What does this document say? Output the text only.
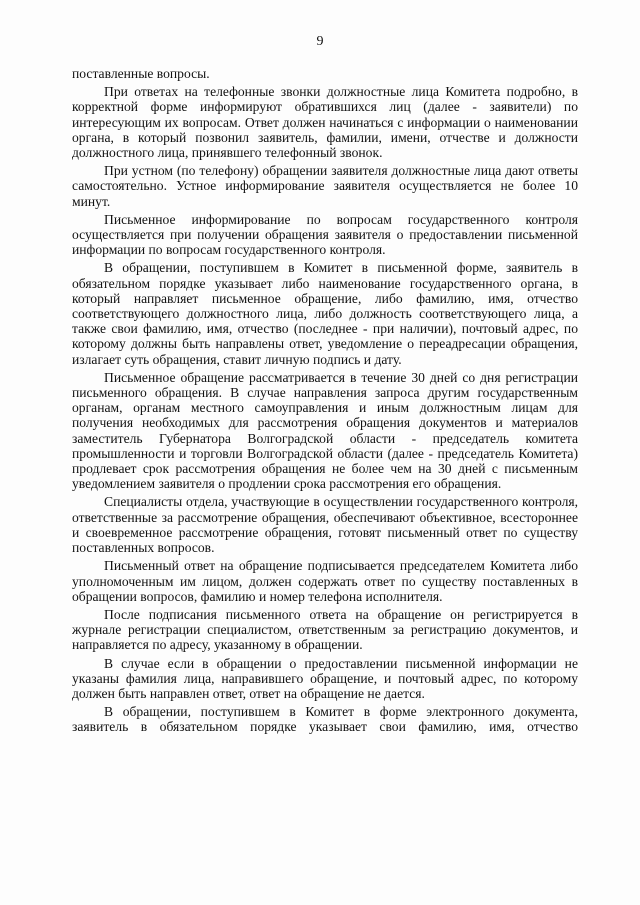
9

поставленные вопросы.

При ответах на телефонные звонки должностные лица Комитета подробно, в корректной форме информируют обратившихся лиц (далее - заявители) по интересующим их вопросам. Ответ должен начинаться с информации о наименовании органа, в который позвонил заявитель, фамилии, имени, отчестве и должности должностного лица, принявшего телефонный звонок.

При устном (по телефону) обращении заявителя должностные лица дают ответы самостоятельно. Устное информирование заявителя осуществляется не более 10 минут.

Письменное информирование по вопросам государственного контроля осуществляется при получении обращения заявителя о предоставлении письменной информации по вопросам государственного контроля.

В обращении, поступившем в Комитет в письменной форме, заявитель в обязательном порядке указывает либо наименование государственного органа, в который направляет письменное обращение, либо фамилию, имя, отчество соответствующего должностного лица, либо должность соответствующего лица, а также свои фамилию, имя, отчество (последнее - при наличии), почтовый адрес, по которому должны быть направлены ответ, уведомление о переадресации обращения, излагает суть обращения, ставит личную подпись и дату.

Письменное обращение рассматривается в течение 30 дней со дня регистрации письменного обращения. В случае направления запроса другим государственным органам, органам местного самоуправления и иным должностным лицам для получения необходимых для рассмотрения обращения документов и материалов заместитель Губернатора Волгоградской области - председатель комитета промышленности и торговли Волгоградской области (далее - председатель Комитета) продлевает срок рассмотрения обращения не более чем на 30 дней с письменным уведомлением заявителя о продлении срока рассмотрения его обращения.

Специалисты отдела, участвующие в осуществлении государственного контроля, ответственные за рассмотрение обращения, обеспечивают объективное, всестороннее и своевременное рассмотрение обращения, готовят письменный ответ по существу поставленных вопросов.

Письменный ответ на обращение подписывается председателем Комитета либо уполномоченным им лицом, должен содержать ответ по существу поставленных в обращении вопросов, фамилию и номер телефона исполнителя.

После подписания письменного ответа на обращение он регистрируется в журнале регистрации специалистом, ответственным за регистрацию документов, и направляется по адресу, указанному в обращении.

В случае если в обращении о предоставлении письменной информации не указаны фамилия лица, направившего обращение, и почтовый адрес, по которому должен быть направлен ответ, ответ на обращение не дается.

В обращении, поступившем в Комитет в форме электронного документа, заявитель в обязательном порядке указывает свои фамилию, имя, отчество
